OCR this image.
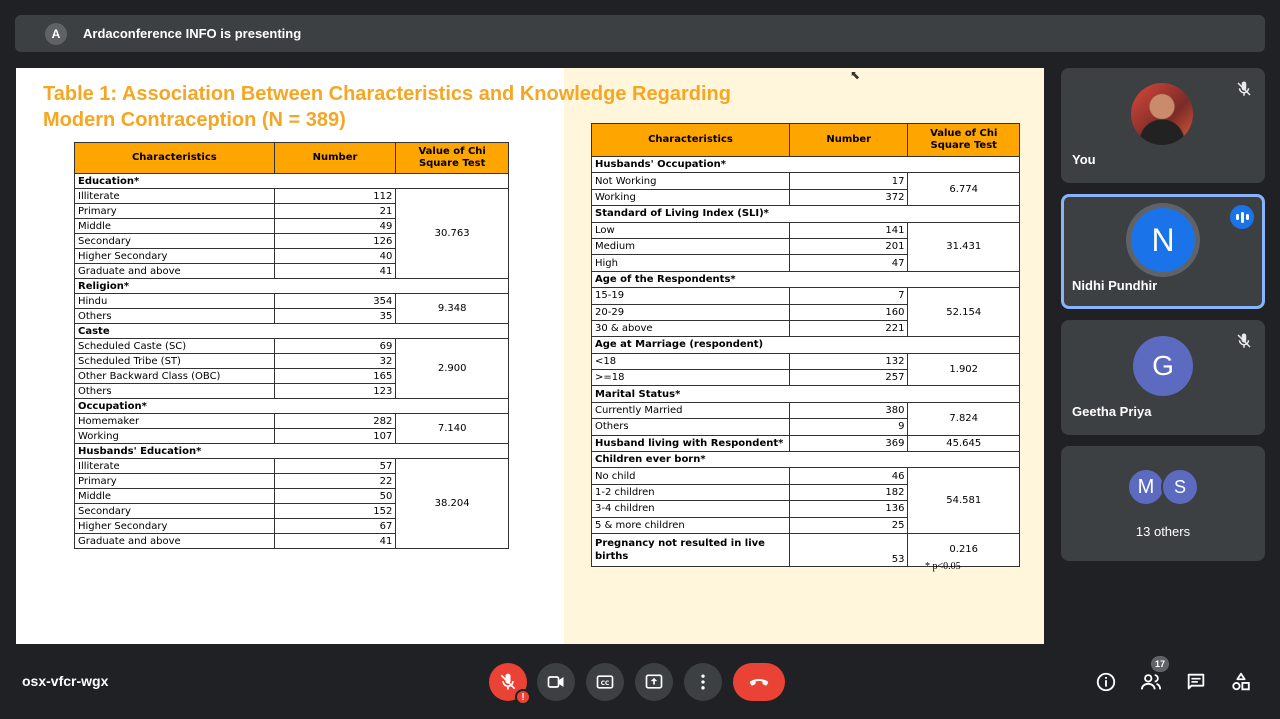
A	Ardaconference INFO is presenting
Table 1: Association Between Characteristics and Knowledge Regarding
Modern Contraception (N = 389)
⬉
Characteristics	Number	Value of Chi Square Test
Education*		
Illiterate	112	30.763
Primary	21	
Middle	49	
Secondary	126	
Higher Secondary	40	
Graduate and above	41	
Religion*		
Hindu	354	9.348
Others	35	
Caste		
Scheduled Caste (SC)	69	2.900
Scheduled Tribe (ST)	32	
Other Backward Class (OBC)	165	
Others	123	
Occupation*		
Homemaker	282	7.140
Working	107	
Husbands' Education*		
Illiterate	57	38.204
Primary	22	
Middle	50	
Secondary	152	
Higher Secondary	67	
Graduate and above	41	
Characteristics	Number	Value of Chi Square Test
Husbands' Occupation*		
Not Working	17	6.774
Working	372	
Standard of Living Index (SLI)*		
Low	141	31.431
Medium	201	
High	47	
Age of the Respondents*		
15-19	7	52.154
20-29	160	
30 & above	221	
Age at Marriage (respondent)		
<18	132	1.902
>=18	257	
Marital Status*		
Currently Married	380	7.824
Others	9	
Husband living with Respondent*	369	45.645
Children ever born*		
No child	46	54.581
1-2 children	182	
3-4 children	136	
5 & more children	25	

Pregnancy not resulted in live
births	53	0.216
* p<0.05
You
N
Nidhi Pundhir
G
Geetha Priya
M	S
13 others
osx-vfcr-wgx
!
CC
17
